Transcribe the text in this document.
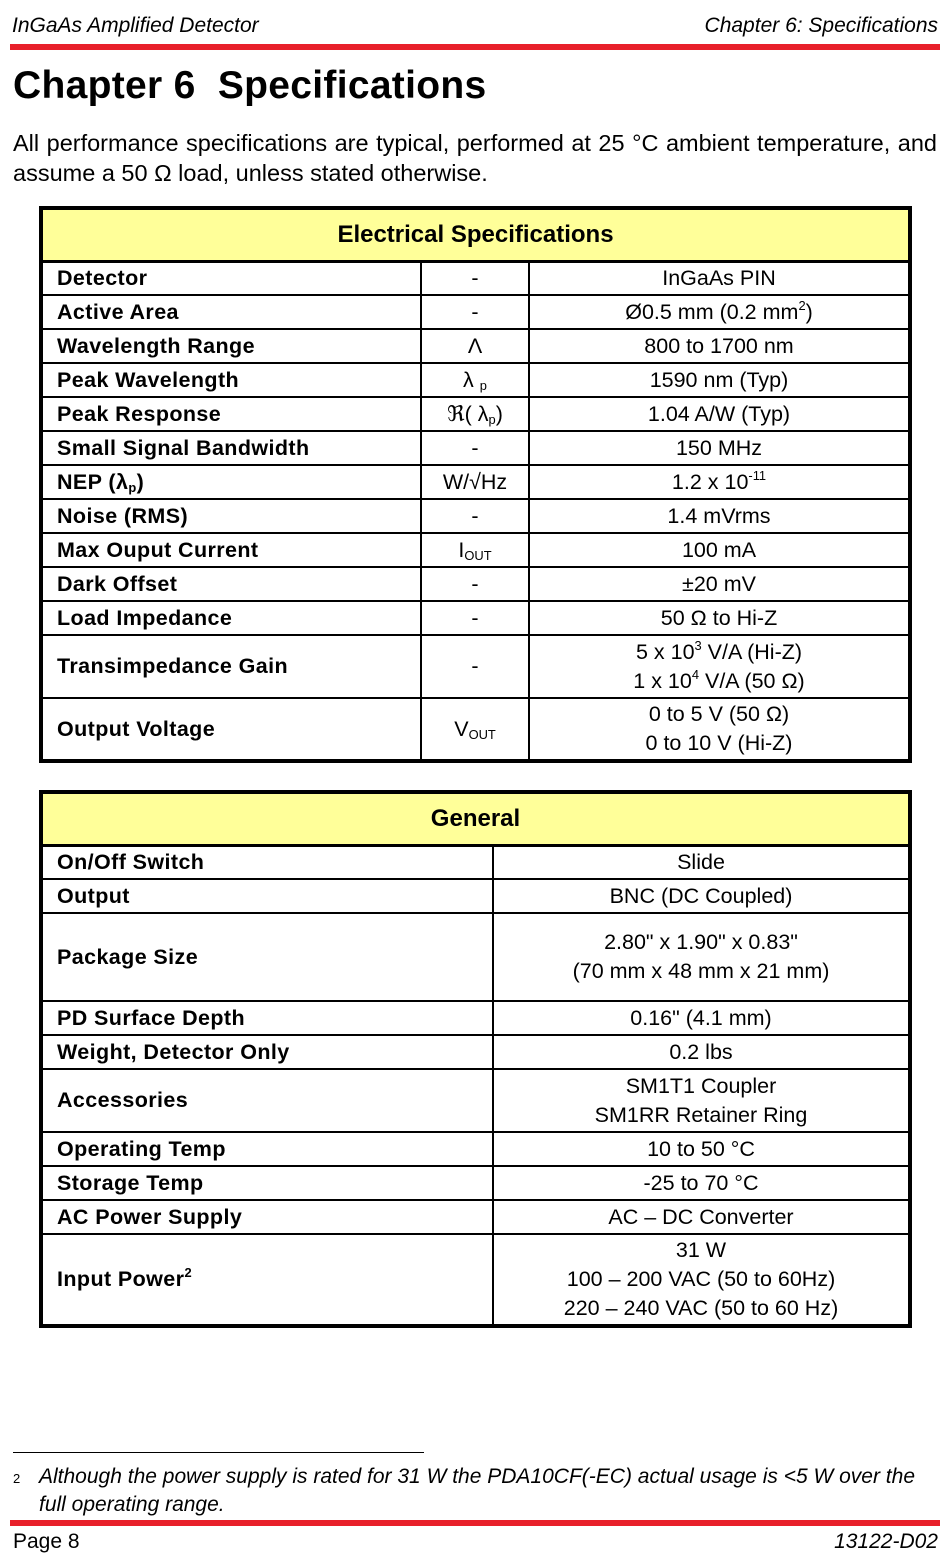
InGaAs Amplified Detector	Chapter 6: Specifications
Chapter 6  Specifications

All performance specifications are typical, performed at 25 °C ambient temperature, and assume a 50 Ω load, unless stated otherwise.

Electrical Specifications		
Detector	-	InGaAs PIN
Active Area	-	Ø0.5 mm (0.2 $mm^2$)
Wavelength Range	Λ	800 to 1700 nm
Peak Wavelength	λ $_p$	1590 nm (Typ)
Peak Response	ℜ( $\lambda_p$)	1.04 A/W (Typ)
Small Signal Bandwidth	-	150 MHz
NEP $(\lambda_p)$	W/√Hz	1.2 x $10^{-11}$
Noise (RMS)	-	1.4 mVrms
Max Ouput Current	$I_{OUT}$	100 mA
Dark Offset	-	±20 mV
Load Impedance	-	50 Ω to Hi-Z
Transimpedance Gain	-	5 x $10^3$ V/A (Hi-Z)
1 x $10^4$ V/A (50 Ω)

Output Voltage	$V_{OUT}$	0 to 5 V (50 Ω)
0 to 10 V (Hi-Z)
General	
On/Off Switch	Slide

Output	BNC (DC Coupled)

Package Size	2.80" x 1.90" x 0.83"
(70 mm x 48 mm x 21 mm)

PD Surface Depth	0.16" (4.1 mm)

Weight, Detector Only	0.2 lbs

Accessories	SM1T1 Coupler
SM1RR Retainer Ring

Operating Temp	10 to 50 °C

Storage Temp	-25 to 70 °C

AC Power Supply	AC – DC Converter

Input Power$^2$	31 W
100 – 200 VAC (50 to 60Hz)
220 – 240 VAC (50 to 60 Hz)
2 Although the power supply is rated for 31 W the PDA10CF(-EC) actual usage is <5 W over the full operating range.
Page 8	13122-D02
